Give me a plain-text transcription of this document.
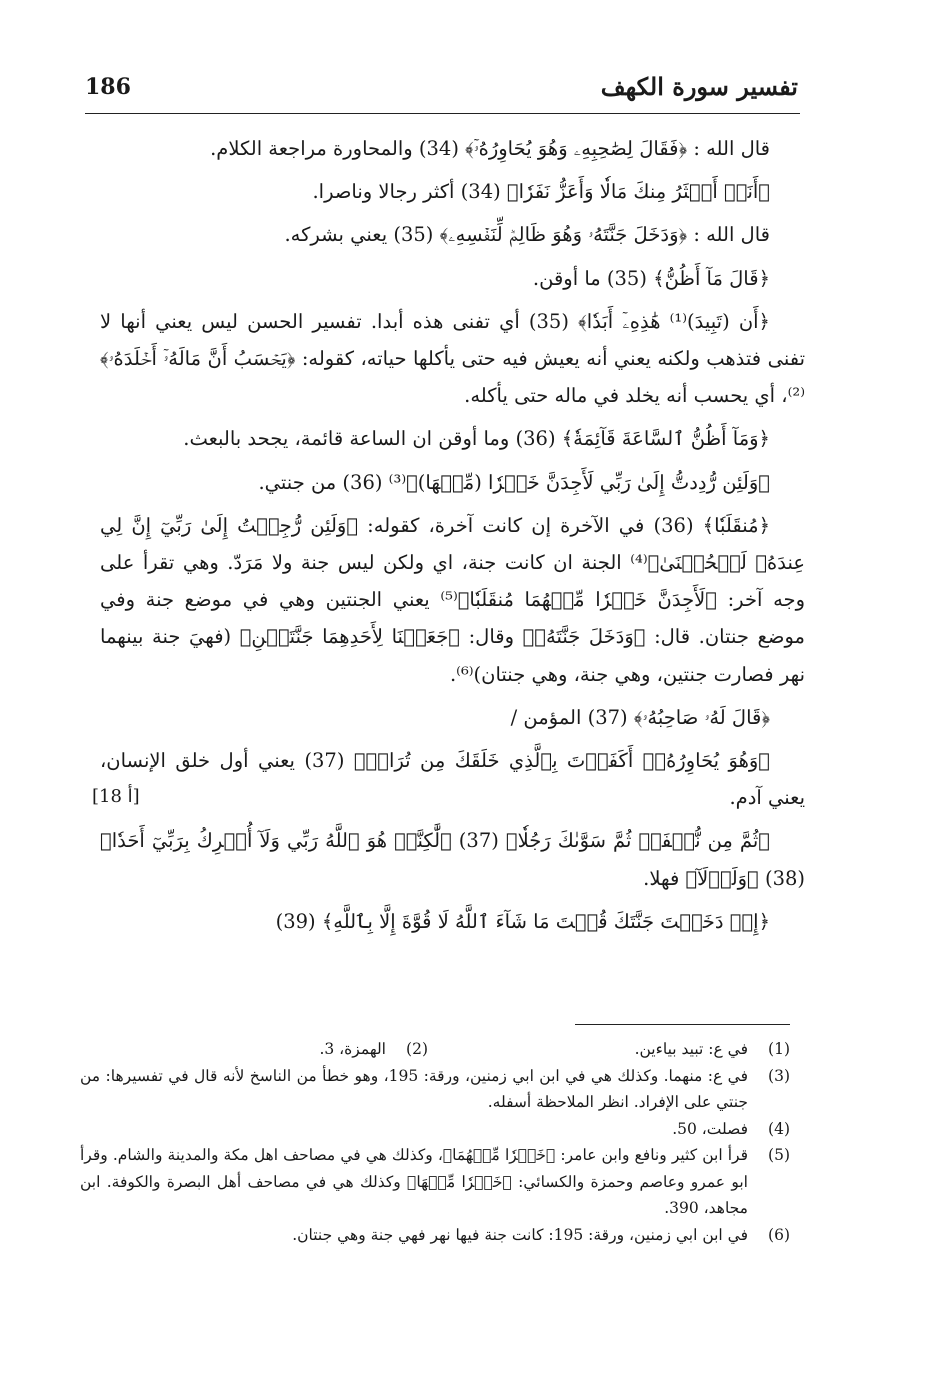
186	تفسير سورة الكهف

قال الله : ﴿فَقَالَ لِصَٰحِبِهِۦ وَهُوَ يُحَاوِرُهُۥٓ﴾ (34) والمحاورة مراجعة الكلام.

﴿أَنَا۠ أَكۡثَرُ مِنكَ مَالٗا وَأَعَزُّ نَفَرٗا﴾ (34) أكثر رجالا وناصرا.

قال الله : ﴿وَدَخَلَ جَنَّتَهُۥ وَهُوَ ظَالِمٞ لِّنَفۡسِهِۦ﴾ (35) يعني بشركه.

﴿قَالَ مَآ أَظُنُّ﴾ (35) ما أوقن.

﴿أَن (تَبِيدَ)⁽¹⁾ هَٰذِهِۦٓ أَبَدٗا﴾ (35) أي تفنى هذه أبدا. تفسير الحسن ليس يعني أنها لا تفنى فتذهب ولكنه يعني أنه يعيش فيه حتى يأكلها حياته، كقوله: ﴿يَحۡسَبُ أَنَّ مَالَهُۥٓ أَخۡلَدَهُۥ﴾⁽²⁾، أي يحسب أنه يخلد في ماله حتى يأكله.

﴿وَمَآ أَظُنُّ ٱلسَّاعَةَ قَآئِمَةٗ﴾ (36) وما أوقن ان الساعة قائمة، يجحد بالبعث.

﴿وَلَئِن رُّدِدتُّ إِلَىٰ رَبِّي لَأَجِدَنَّ خَيۡرٗا (مِّنۡهَا)﴾⁽³⁾ (36) من جنتي.

﴿مُنقَلَبٗا﴾ (36) في الآخرة إن كانت آخرة، كقوله: ﴿وَلَئِن رُّجِعۡتُ إِلَىٰ رَبِّيٓ إِنَّ لِي عِندَهُۥ لَلۡحُسۡنَىٰ﴾⁽⁴⁾ الجنة ان كانت جنة، اي ولكن ليس جنة ولا مَرَدّ. وهي تقرأ على وجه آخر: ﴿لَأَجِدَنَّ خَيۡرٗا مِّنۡهُمَا مُنقَلَبٗا﴾⁽⁵⁾ يعني الجنتين وهي في موضع جنة وفي موضع جنتان. قال: ﴿وَدَخَلَ جَنَّتَهُۥ﴾ وقال: ﴿جَعَلۡنَا لِأَحَدِهِمَا جَنَّتَيۡنِ﴾ (فهيَ جنة بينهما نهر فصارت جنتين، وهي جنة، وهي جنتان)⁽⁶⁾.

﴿قَالَ لَهُۥ صَاحِبُهُۥ﴾ (37) المؤمن /

﴿وَهُوَ يُحَاوِرُهُۥٓ أَكَفَرۡتَ بِٱلَّذِي خَلَقَكَ مِن تُرَابٖ﴾ (37) يعني أول خلق الإنسان، يعني آدم.

﴿ثُمَّ مِن نُّطۡفَةٖ ثُمَّ سَوَّىٰكَ رَجُلٗا﴾ (37) ﴿لَّٰكِنَّا۠ هُوَ ٱللَّهُ رَبِّي وَلَآ أُشۡرِكُ بِرَبِّيٓ أَحَدٗا﴾ (38) ﴿وَلَوۡلَآ﴾ فهلا.

﴿إِذۡ دَخَلۡتَ جَنَّتَكَ قُلۡتَ مَا شَآءَ ٱللَّهُ لَا قُوَّةَ إِلَّا بِٱللَّهِ﴾ (39)

[18 أ]
(1)
في ع: تبيد بياءين.
(2)
الهمزة، 3.
(3)
في ع: منهما. وكذلك هي في ابن ابي زمنين، ورقة: 195، وهو خطأ من الناسخ لأنه قال في تفسيرها: من جنتي على الإفراد. انظر الملاحظة أسفله.
(4)
فصلت، 50.
(5)
قرأ ابن كثير ونافع وابن عامر: ﴿خَيۡرٗا مِّنۡهُمَا﴾، وكذلك هي في مصاحف اهل مكة والمدينة والشام. وقرأ ابو عمرو وعاصم وحمزة والكسائي: ﴿خَيۡرٗا مِّنۡهَا﴾ وكذلك هي في مصاحف أهل البصرة والكوفة. ابن مجاهد، 390.
(6)
في ابن ابي زمنين، ورقة: 195: كانت جنة فيها نهر فهي جنة وهي جنتان.
